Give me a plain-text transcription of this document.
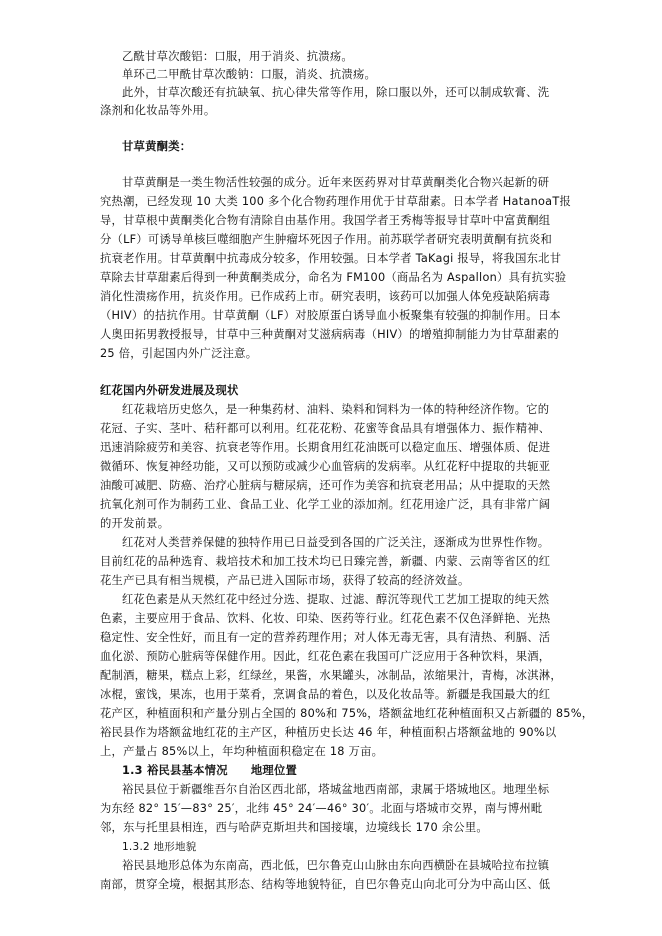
乙酰甘草次酸铝：口服，用于消炎、抗溃疡。
单环己二甲酰甘草次酸钠：口服，消炎、抗溃疡。
此外，甘草次酸还有抗缺氧、抗心律失常等作用，除口服以外，还可以制成软膏、洗
涤剂和化妆品等外用。
甘草黄酮类：
甘草黄酮是一类生物活性较强的成分。近年来医药界对甘草黄酮类化合物兴起新的研
究热潮，已经发现 10 大类 100 多个化合物药理作用优于甘草甜素。日本学者 HatanoaT报
导，甘草根中黄酮类化合物有清除自由基作用。我国学者王秀梅等报导甘草叶中富黄酮组
分（LF）可诱导单核巨噬细胞产生肿瘤坏死因子作用。前苏联学者研究表明黄酮有抗炎和
抗衰老作用。甘草黄酮中抗毒成分较多，作用较强。日本学者 TaKagi 报导，将我国东北甘
草除去甘草甜素后得到一种黄酮类成分，命名为 FM100（商品名为 Aspallon）具有抗实验
消化性溃疡作用，抗炎作用。已作成药上市。研究表明，该药可以加强人体免疫缺陷病毒
（HIV）的拮抗作用。甘草黄酮（LF）对胶原蛋白诱导血小板聚集有较强的抑制作用。日本
人奥田拓男教授报导，甘草中三种黄酮对艾滋病病毒（HIV）的增殖抑制能力为甘草甜素的
25 倍，引起国内外广泛注意。
红花国内外研发进展及现状
红花栽培历史悠久，是一种集药材、油料、染料和饲料为一体的特种经济作物。它的
花冠、子实、茎叶、秸秆都可以利用。红花花粉、花蜜等食品具有增强体力、振作精神、
迅速消除疲劳和美容、抗衰老等作用。长期食用红花油既可以稳定血压、增强体质、促进
微循环、恢复神经功能，又可以预防或减少心血管病的发病率。从红花籽中提取的共轭亚
油酸可减肥、防癌、治疗心脏病与糖尿病，还可作为美容和抗衰老用品；从中提取的天然
抗氧化剂可作为制药工业、食品工业、化学工业的添加剂。红花用途广泛，具有非常广阔
的开发前景。
红花对人类营养保健的独特作用已日益受到各国的广泛关注，逐渐成为世界性作物。
目前红花的品种选育、栽培技术和加工技术均已日臻完善，新疆、内蒙、云南等省区的红
花生产已具有相当规模，产品已进入国际市场，获得了较高的经济效益。
红花色素是从天然红花中经过分选、提取、过滤、醇沉等现代工艺加工提取的纯天然
色素，主要应用于食品、饮料、化妆、印染、医药等行业。红花色素不仅色泽鲜艳、光热
稳定性、安全性好，而且有一定的营养药理作用；对人体无毒无害，具有清热、利膈、活
血化淤、预防心脏病等保健作用。因此，红花色素在我国可广泛应用于各种饮料，果酒，
配制酒，糖果，糕点上彩，红绿丝，果酱，水果罐头，冰制品，浓缩果汁，青梅，冰淇淋，
冰棍，蜜饯，果冻，也用于菜肴，烹调食品的着色，以及化妆品等。新疆是我国最大的红
花产区，种植面积和产量分别占全国的 80%和 75%，塔额盆地红花种植面积又占新疆的 85%，
裕民县作为塔额盆地红花的主产区，种植历史长达 46 年，种植面积占塔额盆地的 90%以
上，产量占 85%以上，年均种植面积稳定在 18 万亩。
1.3 裕民县基本情况　　地理位置
裕民县位于新疆维吾尔自治区西北部，塔城盆地西南部，隶属于塔城地区。地理坐标
为东经 82° 15′—83° 25′，北纬 45° 24′—46° 30′。北面与塔城市交界，南与博州毗
邻，东与托里县相连，西与哈萨克斯坦共和国接壤，边境线长 170 余公里。
1.3.2 地形地貌
裕民县地形总体为东南高，西北低，巴尔鲁克山山脉由东向西横卧在县城哈拉布拉镇
南部，贯穿全境，根据其形态、结构等地貌特征，自巴尔鲁克山向北可分为中高山区、低
